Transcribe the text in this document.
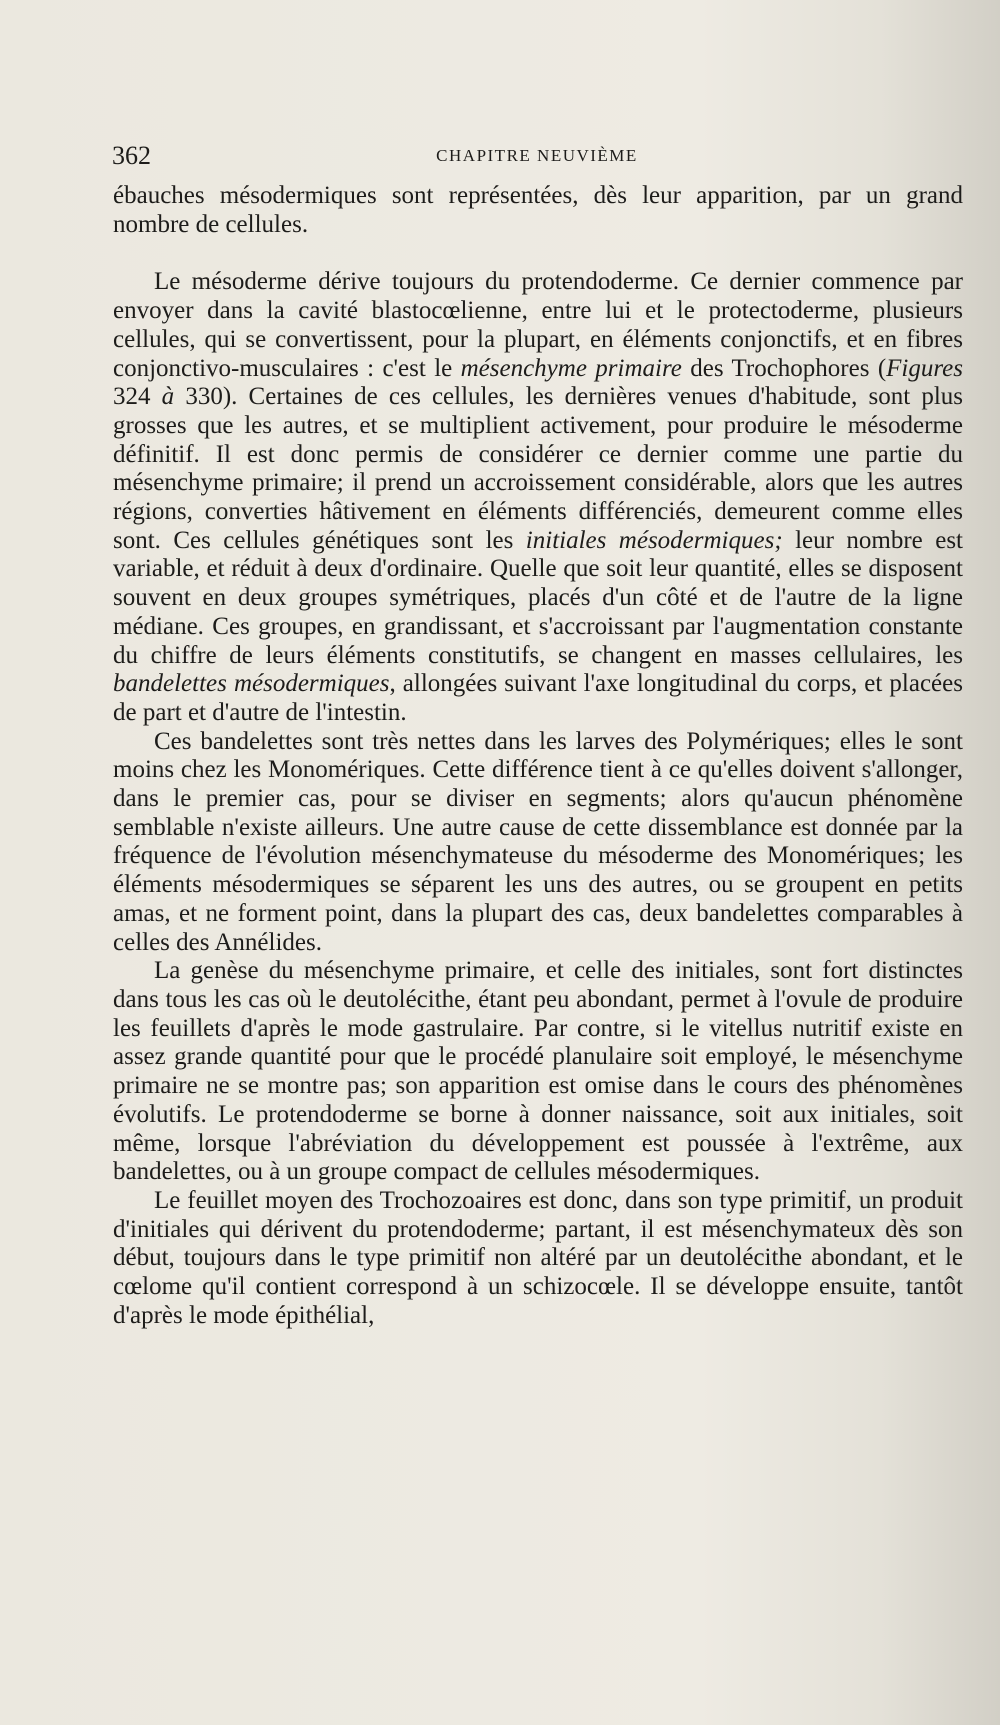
362	CHAPITRE NEUVIÈME

ébauches mésodermiques sont représentées, dès leur apparition, par un grand nombre de cellules.

Le mésoderme dérive toujours du protendoderme. Ce dernier commence par envoyer dans la cavité blastocœlienne, entre lui et le protectoderme, plusieurs cellules, qui se convertissent, pour la plupart, en éléments conjonctifs, et en fibres conjonctivo-musculaires : c'est le mésenchyme primaire des Trochophores (Figures 324 à 330). Certaines de ces cellules, les dernières venues d'habitude, sont plus grosses que les autres, et se multiplient activement, pour produire le mésoderme définitif. Il est donc permis de considérer ce dernier comme une partie du mésenchyme primaire; il prend un accroissement considérable, alors que les autres régions, converties hâtivement en éléments différenciés, demeurent comme elles sont. Ces cellules génétiques sont les initiales mésodermiques; leur nombre est variable, et réduit à deux d'ordinaire. Quelle que soit leur quantité, elles se disposent souvent en deux groupes symétriques, placés d'un côté et de l'autre de la ligne médiane. Ces groupes, en grandissant, et s'accroissant par l'augmentation constante du chiffre de leurs éléments constitutifs, se changent en masses cellulaires, les bandelettes mésodermiques, allongées suivant l'axe longitudinal du corps, et placées de part et d'autre de l'intestin.

Ces bandelettes sont très nettes dans les larves des Polymériques; elles le sont moins chez les Monomériques. Cette différence tient à ce qu'elles doivent s'allonger, dans le premier cas, pour se diviser en segments; alors qu'aucun phénomène semblable n'existe ailleurs. Une autre cause de cette dissemblance est donnée par la fréquence de l'évolution mésenchymateuse du mésoderme des Monomériques; les éléments mésodermiques se séparent les uns des autres, ou se groupent en petits amas, et ne forment point, dans la plupart des cas, deux bandelettes comparables à celles des Annélides.

La genèse du mésenchyme primaire, et celle des initiales, sont fort distinctes dans tous les cas où le deutolécithe, étant peu abondant, permet à l'ovule de produire les feuillets d'après le mode gastrulaire. Par contre, si le vitellus nutritif existe en assez grande quantité pour que le procédé planulaire soit employé, le mésenchyme primaire ne se montre pas; son apparition est omise dans le cours des phénomènes évolutifs. Le protendoderme se borne à donner naissance, soit aux initiales, soit même, lorsque l'abréviation du développement est poussée à l'extrême, aux bandelettes, ou à un groupe compact de cellules mésodermiques.

Le feuillet moyen des Trochozoaires est donc, dans son type primitif, un produit d'initiales qui dérivent du protendoderme; partant, il est mésenchymateux dès son début, toujours dans le type primitif non altéré par un deutolécithe abondant, et le cœlome qu'il contient correspond à un schizocœle. Il se développe ensuite, tantôt d'après le mode épithélial,
